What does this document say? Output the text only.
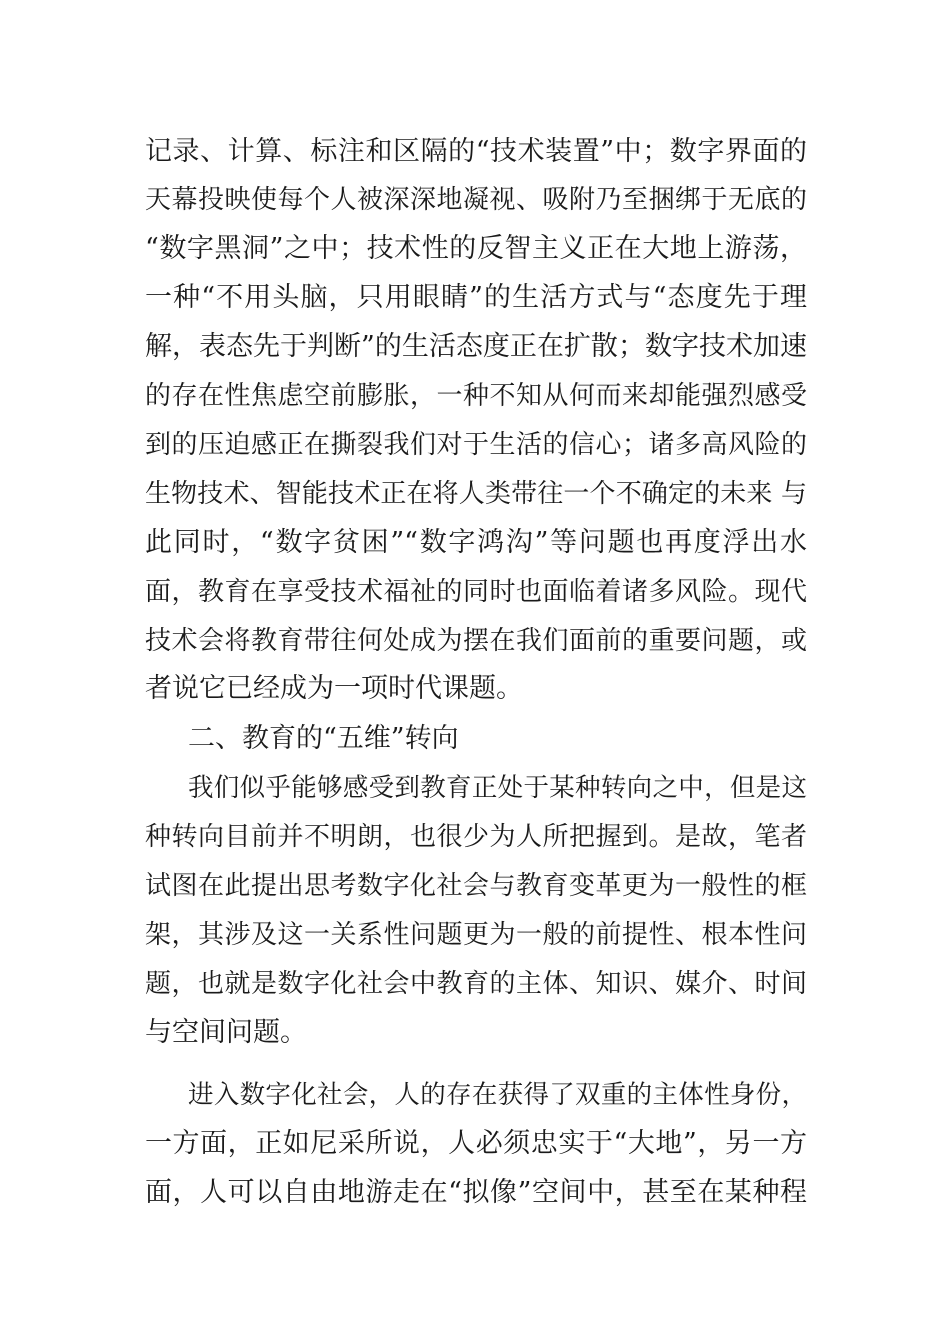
记录、计算、标注和区隔的“技术装置”中；数字界面的
天幕投映使每个人被深深地凝视、吸附乃至捆绑于无底的
“数字黑洞”之中；技术性的反智主义正在大地上游荡，
一种“不用头脑，只用眼睛”的生活方式与“态度先于理
解，表态先于判断”的生活态度正在扩散；数字技术加速
的存在性焦虑空前膨胀，一种不知从何而来却能强烈感受
到的压迫感正在撕裂我们对于生活的信心；诸多高风险的
生物技术、智能技术正在将人类带往一个不确定的未来 与
此同时，“数字贫困”“数字鸿沟”等问题也再度浮出水
面，教育在享受技术福祉的同时也面临着诸多风险。现代
技术会将教育带往何处成为摆在我们面前的重要问题，或
者说它已经成为一项时代课题。
二、教育的“五维”转向
我们似乎能够感受到教育正处于某种转向之中，但是这
种转向目前并不明朗，也很少为人所把握到。是故，笔者
试图在此提出思考数字化社会与教育变革更为一般性的框
架，其涉及这一关系性问题更为一般的前提性、根本性问
题，也就是数字化社会中教育的主体、知识、媒介、时间
与空间问题。
进入数字化社会，人的存在获得了双重的主体性身份，
一方面，正如尼采所说，人必须忠实于“大地”，另一方
面，人可以自由地游走在“拟像”空间中，甚至在某种程
